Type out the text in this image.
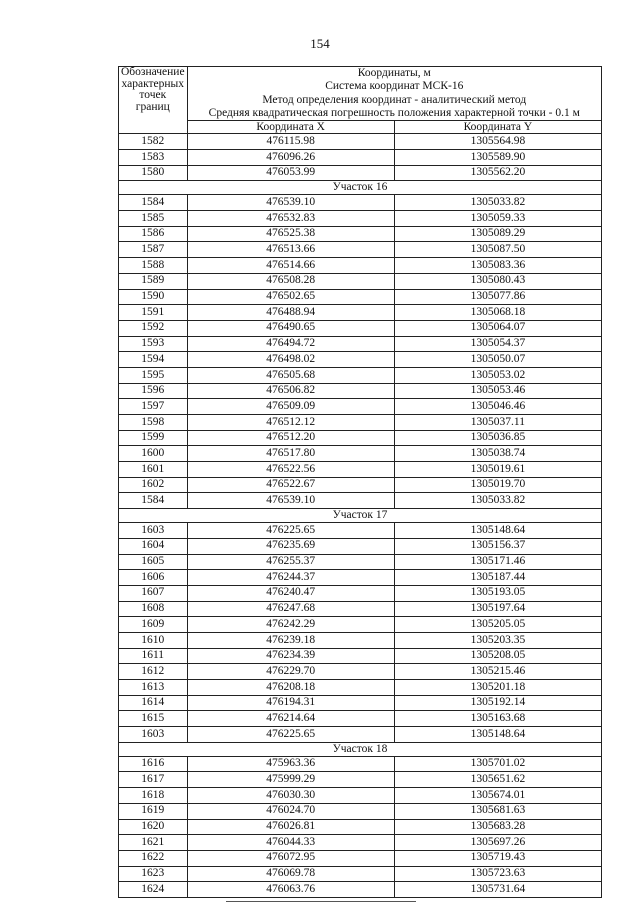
154
Обозначение
характерных
точек границ	Координаты, м
Система координат МСК-16
Метод определения координат - аналитический метод
Средняя квадратическая погрешность положения характерной точки - 0.1 м	

	Координата X	Координата Y
1582	476115.98	1305564.98
1583	476096.26	1305589.90
1580	476053.99	1305562.20
Участок 16		
1584	476539.10	1305033.82
1585	476532.83	1305059.33
1586	476525.38	1305089.29
1587	476513.66	1305087.50
1588	476514.66	1305083.36
1589	476508.28	1305080.43
1590	476502.65	1305077.86
1591	476488.94	1305068.18
1592	476490.65	1305064.07
1593	476494.72	1305054.37
1594	476498.02	1305050.07
1595	476505.68	1305053.02
1596	476506.82	1305053.46
1597	476509.09	1305046.46
1598	476512.12	1305037.11
1599	476512.20	1305036.85
1600	476517.80	1305038.74
1601	476522.56	1305019.61
1602	476522.67	1305019.70
1584	476539.10	1305033.82
Участок 17		
1603	476225.65	1305148.64
1604	476235.69	1305156.37
1605	476255.37	1305171.46
1606	476244.37	1305187.44
1607	476240.47	1305193.05
1608	476247.68	1305197.64
1609	476242.29	1305205.05
1610	476239.18	1305203.35
1611	476234.39	1305208.05
1612	476229.70	1305215.46
1613	476208.18	1305201.18
1614	476194.31	1305192.14
1615	476214.64	1305163.68
1603	476225.65	1305148.64
Участок 18		
1616	475963.36	1305701.02
1617	475999.29	1305651.62
1618	476030.30	1305674.01
1619	476024.70	1305681.63
1620	476026.81	1305683.28
1621	476044.33	1305697.26
1622	476072.95	1305719.43
1623	476069.78	1305723.63
1624	476063.76	1305731.64
